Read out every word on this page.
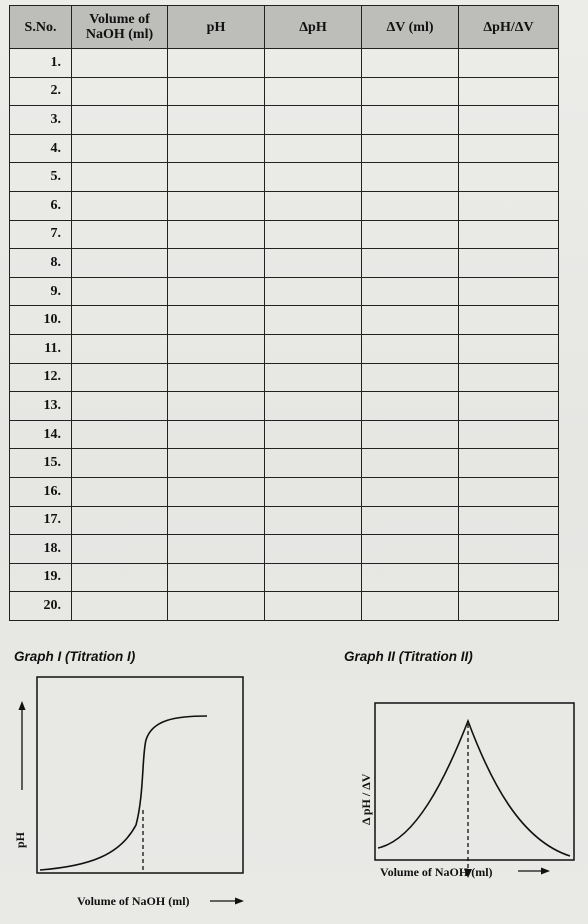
S.No.	Volume of NaOH (ml)	pH	ΔpH	ΔV (ml)	ΔpH/ΔV
1.					
2.					
3.					
4.					
5.					
6.					
7.					
8.					
9.					
10.					
11.					
12.					
13.					
14.					
15.					
16.					
17.					
18.					
19.					
20.					
Graph I (Titration I)	Graph II (Titration II)
pH
Volume of NaOH (ml)
Δ pH / ΔV
Volume of NaOH (ml)
